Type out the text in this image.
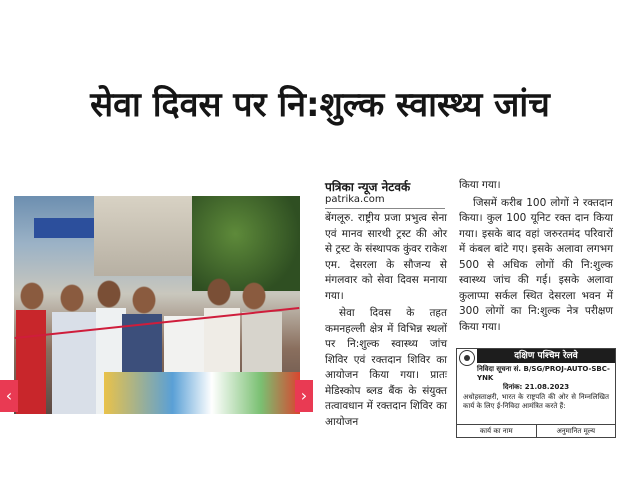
सेवा दिवस पर नि:शुल्क स्वास्थ्य जांच
‹	›
पत्रिका न्यूज नेटवर्क
patrika.com

बेंगलूरु. राष्ट्रीय प्रजा प्रभुत्व सेना एवं मानव सारथी ट्रस्ट की ओर से ट्रस्ट के संस्थापक कुंवर राकेश एम. देसरला के सौजन्य से मंगलवार को सेवा दिवस मनाया गया।

सेवा दिवस के तहत कमनहल्ली क्षेत्र में विभिन्न स्थलों पर नि:शुल्क स्वास्थ्य जांच शिविर एवं रक्तदान शिविर का आयोजन किया गया। प्रातः मेडिस्कोप ब्लड बैंक के संयुक्त तत्वावधान में रक्तदान शिविर का आयोजन

किया गया।

जिसमें करीब 100 लोगों ने रक्तदान किया। कुल 100 यूनिट रक्त दान किया गया। इसके बाद वहां जरुरतमंद परिवारों में कंबल बांटे गए। इसके अलावा लगभग 500 से अधिक लोगों की नि:शुल्क स्वास्थ्य जांच की गई। इसके अलावा कुलाप्पा सर्कल स्थित देसरला भवन में 300 लोगों का नि:शुल्क नेत्र परीक्षण किया गया।

दक्षिण पश्चिम रेलवे
निविदा सूचना सं. B/SG/PROJ-AUTO-SBC-YNK
दिनांक: 21.08.2023
अधोहस्ताक्षरी, भारत के राष्ट्रपति की ओर से निम्नलिखित कार्य के लिए ई-निविदा आमंत्रित करते हैं:
कार्य का नाम	अनुमानित मूल्य
